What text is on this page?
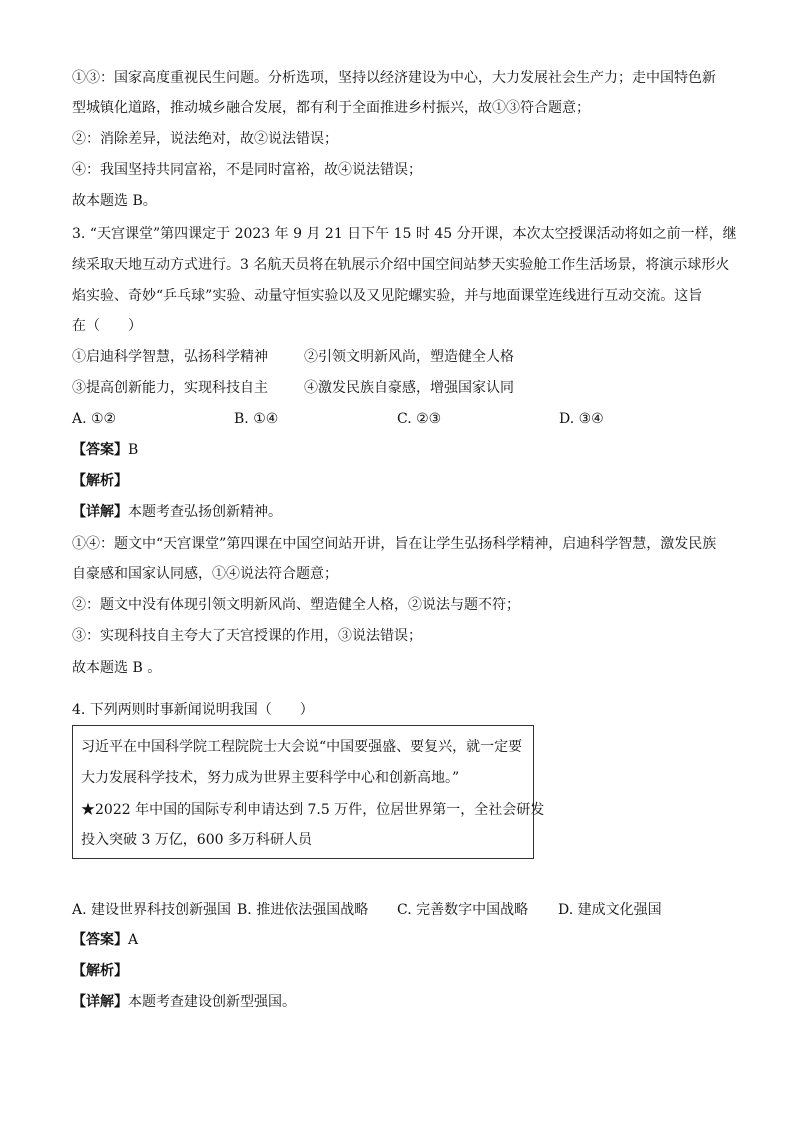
①③：国家高度重视民生问题。分析选项，坚持以经济建设为中心，大力发展社会生产力；走中国特色新
型城镇化道路，推动城乡融合发展，都有利于全面推进乡村振兴，故①③符合题意；
②：消除差异，说法绝对，故②说法错误；
④：我国坚持共同富裕，不是同时富裕，故④说法错误；
故本题选 B。
3. “天宫课堂”第四课定于 2023 年 9 月 21 日下午 15 时 45 分开课，本次太空授课活动将如之前一样，继
续采取天地互动方式进行。3 名航天员将在轨展示介绍中国空间站梦天实验舱工作生活场景，将演示球形火
焰实验、奇妙“乒乓球”实验、动量守恒实验以及又见陀螺实验，并与地面课堂连线进行互动交流。这旨
在（　　）
①启迪科学智慧，弘扬科学精神	②引领文明新风尚，塑造健全人格
③提高创新能力，实现科技自主	④激发民族自豪感，增强国家认同
A. ①②	B. ①④	C. ②③	D. ③④
【答案】B
【解析】
【详解】本题考查弘扬创新精神。
①④：题文中“天宫课堂”第四课在中国空间站开讲，旨在让学生弘扬科学精神，启迪科学智慧，激发民族
自豪感和国家认同感，①④说法符合题意；
②：题文中没有体现引领文明新风尚、塑造健全人格，②说法与题不符；
③：实现科技自主夸大了天宫授课的作用，③说法错误；
故本题选 B 。
4. 下列两则时事新闻说明我国（　　）
习近平在中国科学院工程院院士大会说“中国要强盛、要复兴，就一定要
大力发展科学技术，努力成为世界主要科学中心和创新高地。”
★2022 年中国的国际专利申请达到 7.5 万件，位居世界第一，全社会研发
投入突破 3 万亿，600 多万科研人员
A. 建设世界科技创新强国 B. 推进依法强国战略 C. 完善数字中国战略 D. 建成文化强国
【答案】A
【解析】
【详解】本题考查建设创新型强国。
